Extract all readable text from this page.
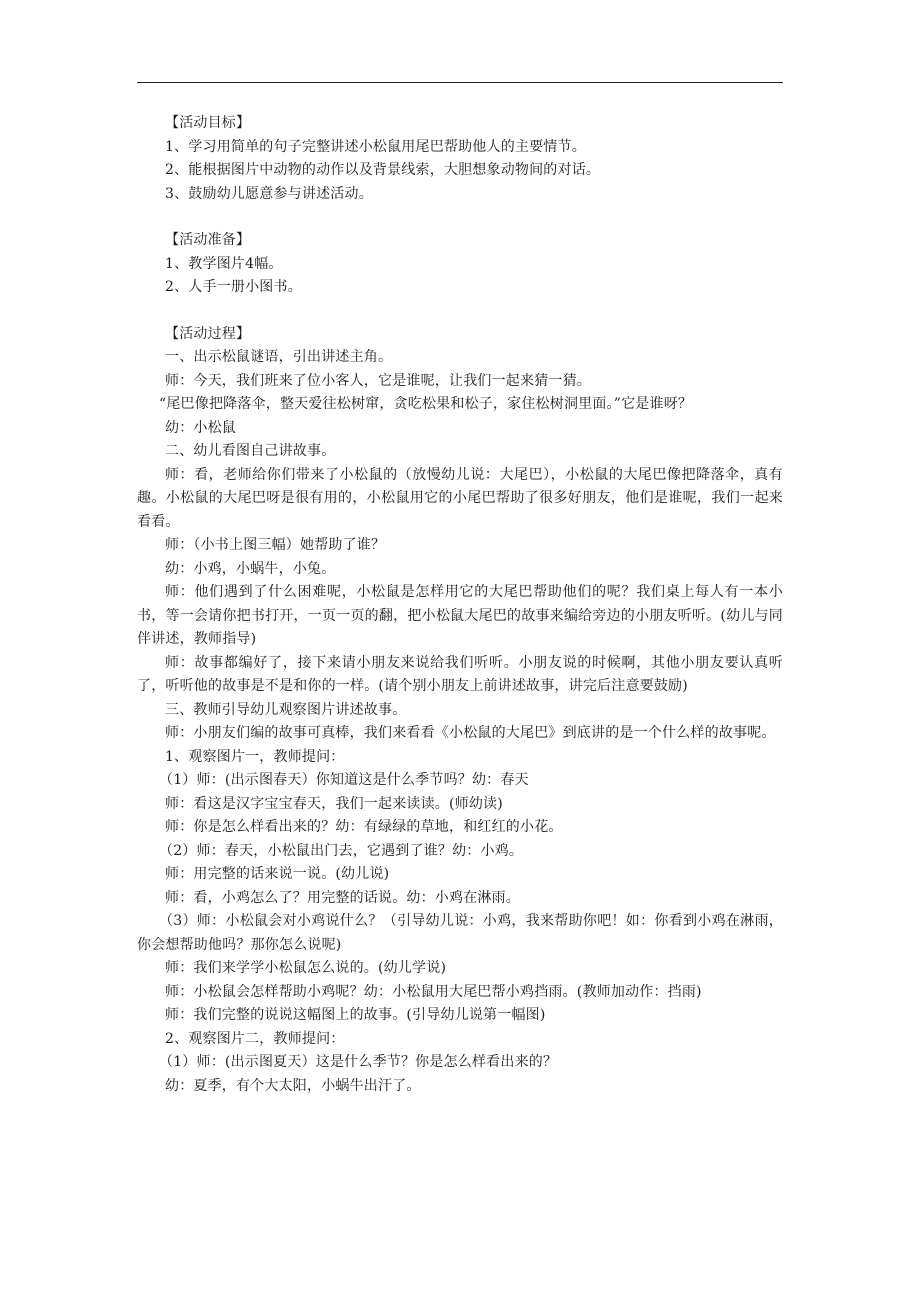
【活动目标】

1、学习用简单的句子完整讲述小松鼠用尾巴帮助他人的主要情节。

2、能根据图片中动物的动作以及背景线索，大胆想象动物间的对话。

3、鼓励幼儿愿意参与讲述活动。

【活动准备】

1、教学图片4幅。

2、人手一册小图书。

【活动过程】

一、出示松鼠谜语，引出讲述主角。

师：今天，我们班来了位小客人，它是谁呢，让我们一起来猜一猜。

“尾巴像把降落伞，整天爱往松树窜，贪吃松果和松子，家住松树洞里面。”它是谁呀？

幼：小松鼠

二、幼儿看图自己讲故事。

师：看，老师给你们带来了小松鼠的（放慢幼儿说：大尾巴），小松鼠的大尾巴像把降落伞，真有趣。小松鼠的大尾巴呀是很有用的，小松鼠用它的小尾巴帮助了很多好朋友，他们是谁呢，我们一起来看看。

师：（小书上图三幅）她帮助了谁？

幼：小鸡，小蜗牛，小兔。

师：他们遇到了什么困难呢，小松鼠是怎样用它的大尾巴帮助他们的呢？我们桌上每人有一本小书，等一会请你把书打开，一页一页的翻，把小松鼠大尾巴的故事来编给旁边的小朋友听听。(幼儿与同伴讲述，教师指导)

师：故事都编好了，接下来请小朋友来说给我们听听。小朋友说的时候啊，其他小朋友要认真听了，听听他的故事是不是和你的一样。(请个别小朋友上前讲述故事，讲完后注意要鼓励)

三、教师引导幼儿观察图片讲述故事。

师：小朋友们编的故事可真棒，我们来看看《小松鼠的大尾巴》到底讲的是一个什么样的故事呢。

1、观察图片一，教师提问：

（1）师：(出示图春天）你知道这是什么季节吗？幼：春天

师：看这是汉字宝宝春天，我们一起来读读。(师幼读)

师：你是怎么样看出来的？幼：有绿绿的草地，和红红的小花。

（2）师：春天，小松鼠出门去，它遇到了谁？幼：小鸡。

师：用完整的话来说一说。(幼儿说)

师：看，小鸡怎么了？用完整的话说。幼：小鸡在淋雨。

（3）师：小松鼠会对小鸡说什么？（引导幼儿说：小鸡，我来帮助你吧！如：你看到小鸡在淋雨，你会想帮助他吗？那你怎么说呢)

师：我们来学学小松鼠怎么说的。(幼儿学说)

师：小松鼠会怎样帮助小鸡呢？幼：小松鼠用大尾巴帮小鸡挡雨。(教师加动作：挡雨)

师：我们完整的说说这幅图上的故事。(引导幼儿说第一幅图)

2、观察图片二，教师提问：

（1）师：(出示图夏天）这是什么季节？你是怎么样看出来的？

幼：夏季，有个大太阳，小蜗牛出汗了。
